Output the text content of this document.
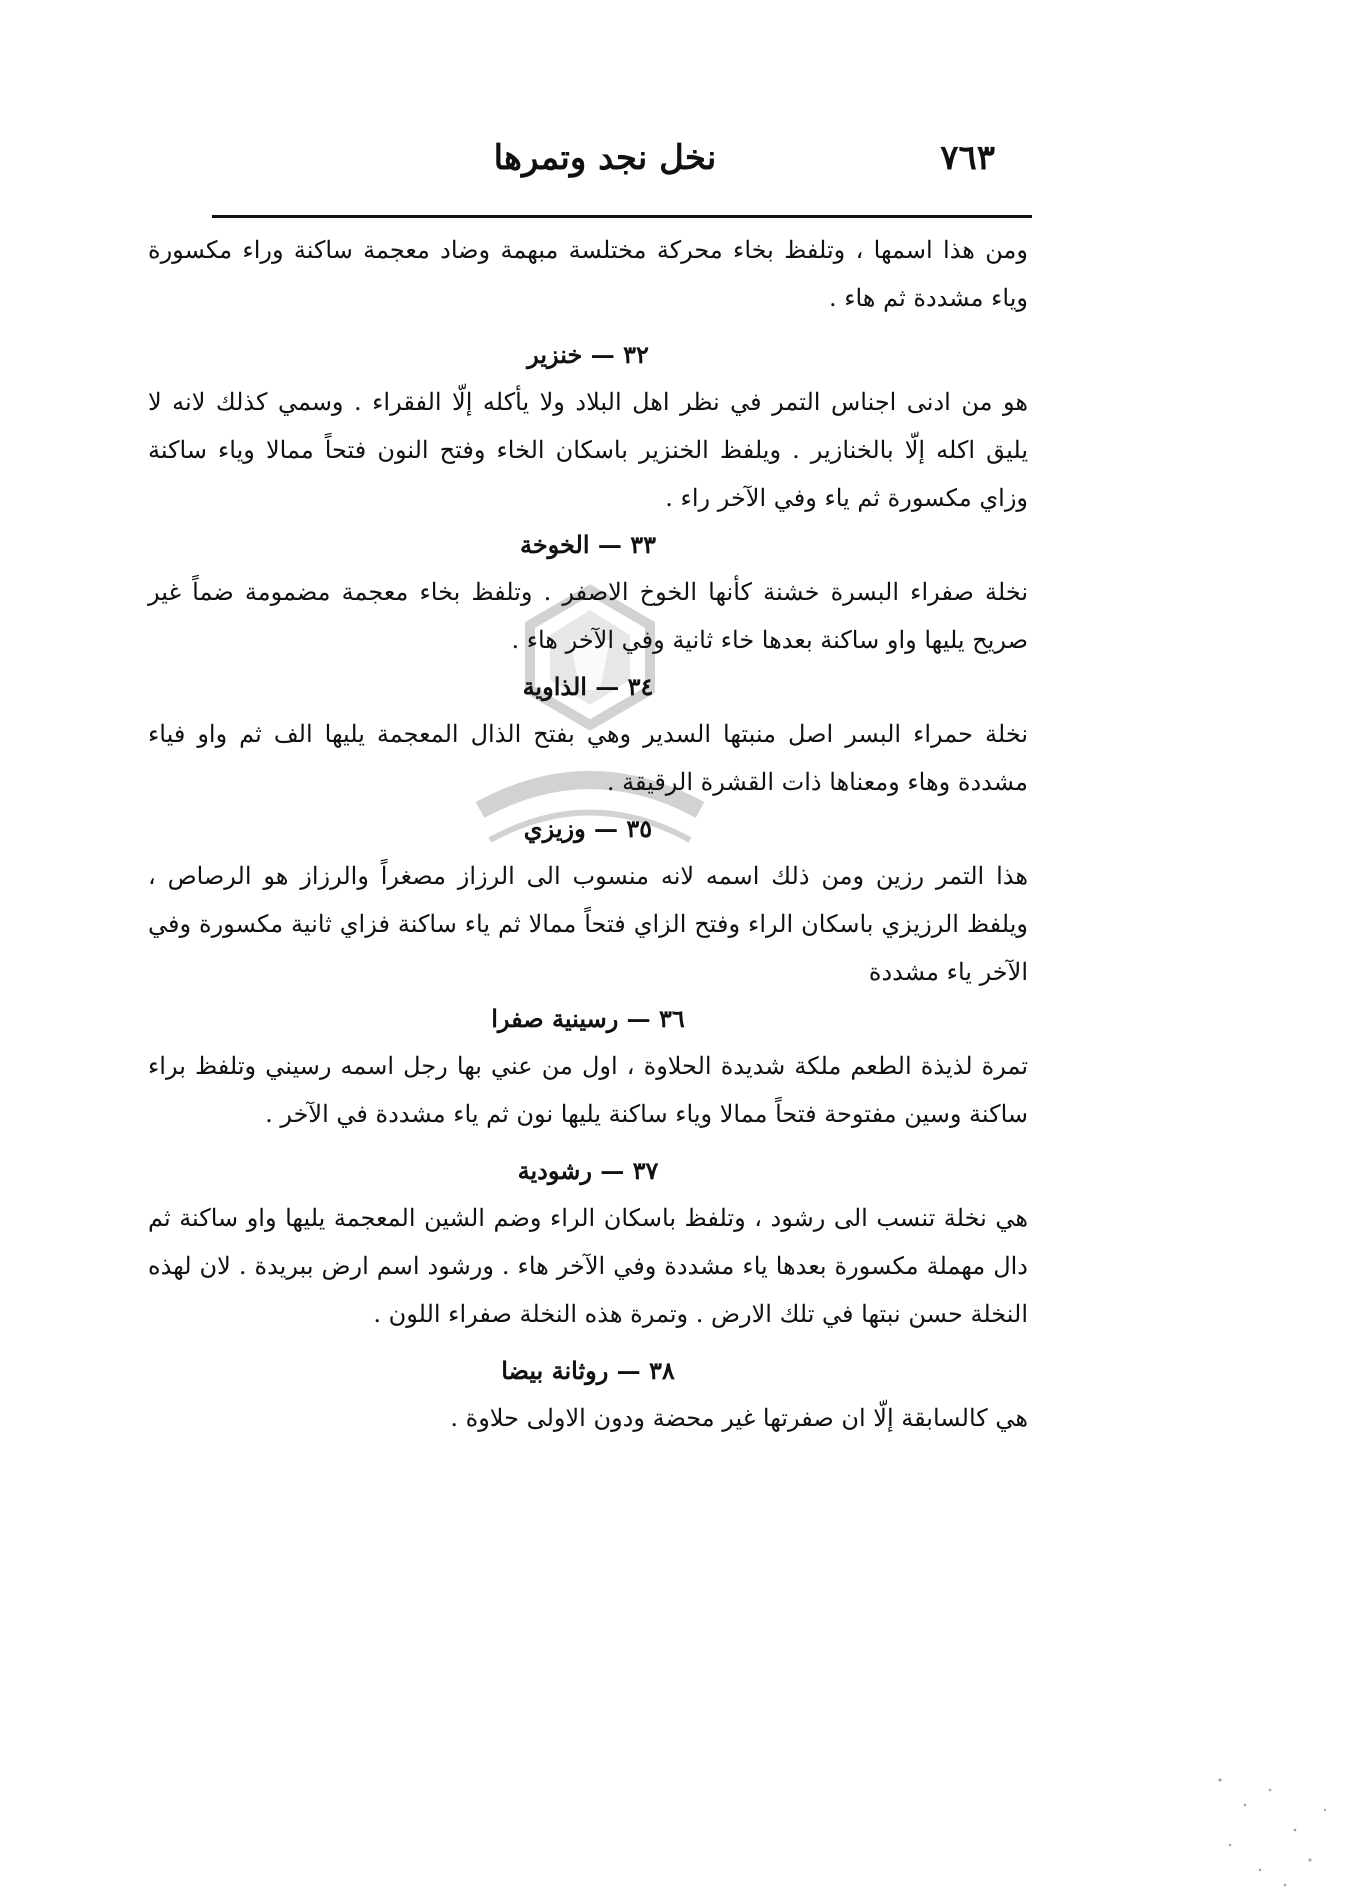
٧٦٣
نخل نجد وتمرها

ومن هذا اسمها ، وتلفظ بخاء محركة مختلسة مبهمة وضاد معجمة ساكنة وراء مكسورة وياء مشددة ثم هاء .

٣٢ — خنزير

هو من ادنى اجناس التمر في نظر اهل البلاد ولا يأكله إلّا الفقراء . وسمي كذلك لانه لا يليق اكله إلّا بالخنازير . ويلفظ الخنزير باسكان الخاء وفتح النون فتحاً ممالا وياء ساكنة وزاي مكسورة ثم ياء وفي الآخر راء .

٣٣ — الخوخة

نخلة صفراء البسرة خشنة كأنها الخوخ الاصفر . وتلفظ بخاء معجمة مضمومة ضماً غير صريح يليها واو ساكنة بعدها خاء ثانية وفي الآخر هاء .

٣٤ — الذاوية

نخلة حمراء البسر اصل منبتها السدير وهي بفتح الذال المعجمة يليها الف ثم واو فياء مشددة وهاء ومعناها ذات القشرة الرقيقة .

٣٥ — وزيزي

هذا التمر رزين ومن ذلك اسمه لانه منسوب الى الرزاز مصغراً والرزاز هو الرصاص ، ويلفظ الرزيزي باسكان الراء وفتح الزاي فتحاً ممالا ثم ياء ساكنة فزاي ثانية مكسورة وفي الآخر ياء مشددة

٣٦ — رسينية صفرا

تمرة لذيذة الطعم ملكة شديدة الحلاوة ، اول من عني بها رجل اسمه رسيني وتلفظ براء ساكنة وسين مفتوحة فتحاً ممالا وياء ساكنة يليها نون ثم ياء مشددة في الآخر .

٣٧ — رشودية

هي نخلة تنسب الى رشود ، وتلفظ باسكان الراء وضم الشين المعجمة يليها واو ساكنة ثم دال مهملة مكسورة بعدها ياء مشددة وفي الآخر هاء . ورشود اسم ارض ببريدة . لان لهذه النخلة حسن نبتها في تلك الارض . وتمرة هذه النخلة صفراء اللون .

٣٨ — روثانة بيضا

هي كالسابقة إلّا ان صفرتها غير محضة ودون الاولى حلاوة .
